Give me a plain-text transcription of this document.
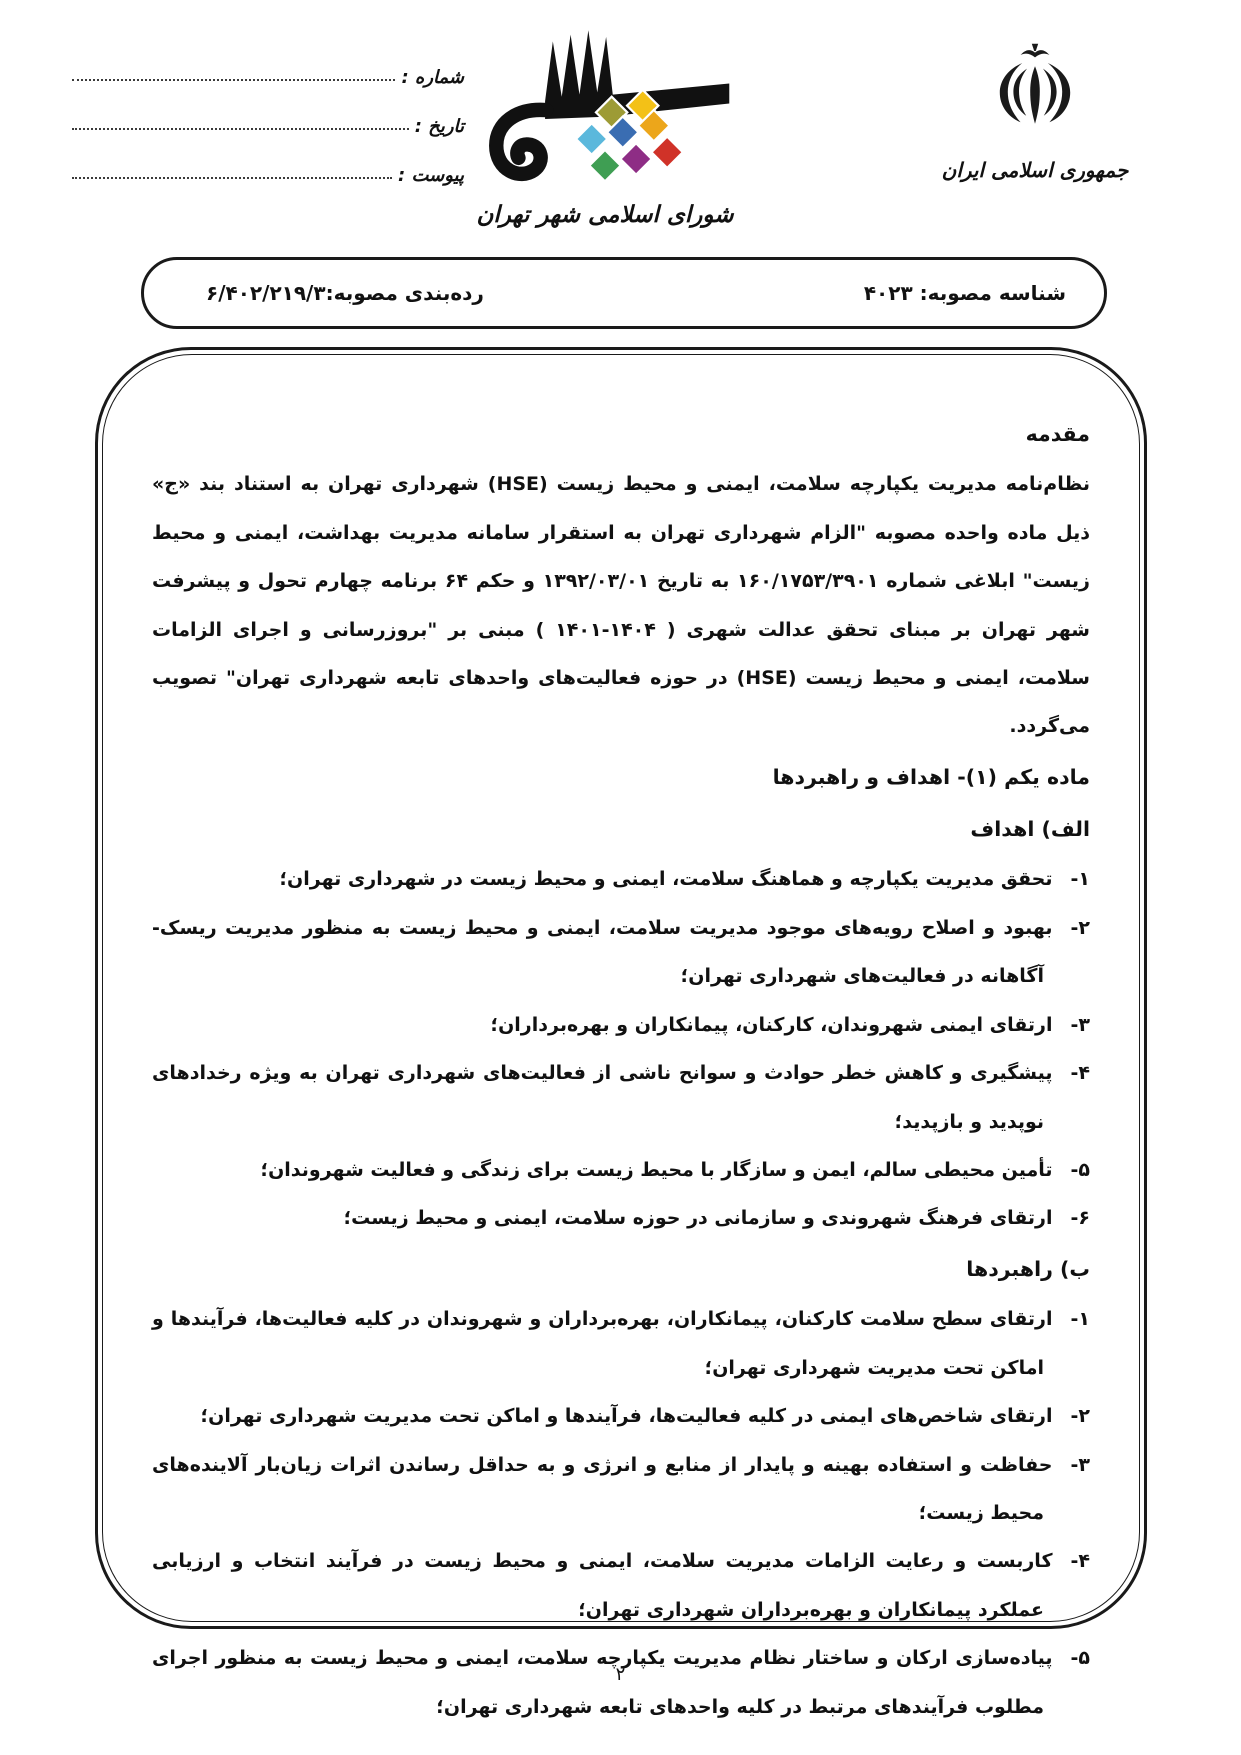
شماره :
تاریخ :
پیوست :
شورای اسلامی شهر تهران
جمهوری اسلامی ایران
شناسه مصوبه: ۴۰۲۳
رده‌بندی مصوبه:۶/۴۰۲/۲۱۹/۳
مقدمه

نظام‌نامه مدیریت یکپارچه سلامت، ایمنی و محیط زیست (HSE) شهرداری تهران به استناد بند «ج» ذیل ماده واحده مصوبه "الزام شهرداری تهران به استقرار سامانه مدیریت بهداشت، ایمنی و محیط زیست" ابلاغی شماره ۱۶۰/۱۷۵۳/۳۹۰۱ به تاریخ ۱۳۹۲/۰۳/۰۱ و حکم ۶۴ برنامه چهارم تحول و پیشرفت شهر تهران بر مبنای تحقق عدالت شهری ( ۱۴۰۴-۱۴۰۱ ) مبنی بر "بروزرسانی و اجرای الزامات سلامت، ایمنی و محیط زیست (HSE) در حوزه فعالیت‌های واحدهای تابعه شهرداری تهران" تصویب می‌گردد.

ماده یکم (۱)- اهداف و راهبردها
الف) اهداف
۱-تحقق مدیریت یکپارچه و هماهنگ سلامت، ایمنی و محیط زیست در شهرداری تهران؛
۲-بهبود و اصلاح رویه‌های موجود مدیریت سلامت، ایمنی و محیط زیست به منظور مدیریت ریسک-آگاهانه در فعالیت‌های شهرداری تهران؛
۳-ارتقای ایمنی شهروندان، کارکنان، پیمانکاران و بهره‌برداران؛
۴-پیشگیری و کاهش خطر حوادث و سوانح ناشی از فعالیت‌های شهرداری تهران به ویژه رخدادهای نوپدید و بازپدید؛
۵-تأمین محیطی سالم، ایمن و سازگار با محیط زیست برای زندگی و فعالیت شهروندان؛
۶-ارتقای فرهنگ شهروندی و سازمانی در حوزه سلامت، ایمنی و محیط زیست؛
ب) راهبردها
۱-ارتقای سطح سلامت کارکنان، پیمانکاران، بهره‌برداران و شهروندان در کلیه فعالیت‌ها، فرآیندها و اماکن تحت مدیریت شهرداری تهران؛
۲-ارتقای شاخص‌های ایمنی در کلیه فعالیت‌ها، فرآیندها و اماکن تحت مدیریت شهرداری تهران؛
۳-حفاظت و استفاده بهینه و پایدار از منابع و انرژی و به حداقل رساندن اثرات زیان‌بار آلاینده‌های محیط زیست؛
۴-کاربست و رعایت الزامات مدیریت سلامت، ایمنی و محیط زیست در فرآیند انتخاب و ارزیابی عملکرد پیمانکاران و بهره‌برداران شهرداری تهران؛
۵-پیاده‌سازی ارکان و ساختار نظام مدیریت یکپارچه سلامت، ایمنی و محیط زیست به منظور اجرای مطلوب فرآیندهای مرتبط در کلیه واحدهای تابعه شهرداری تهران؛
۲
